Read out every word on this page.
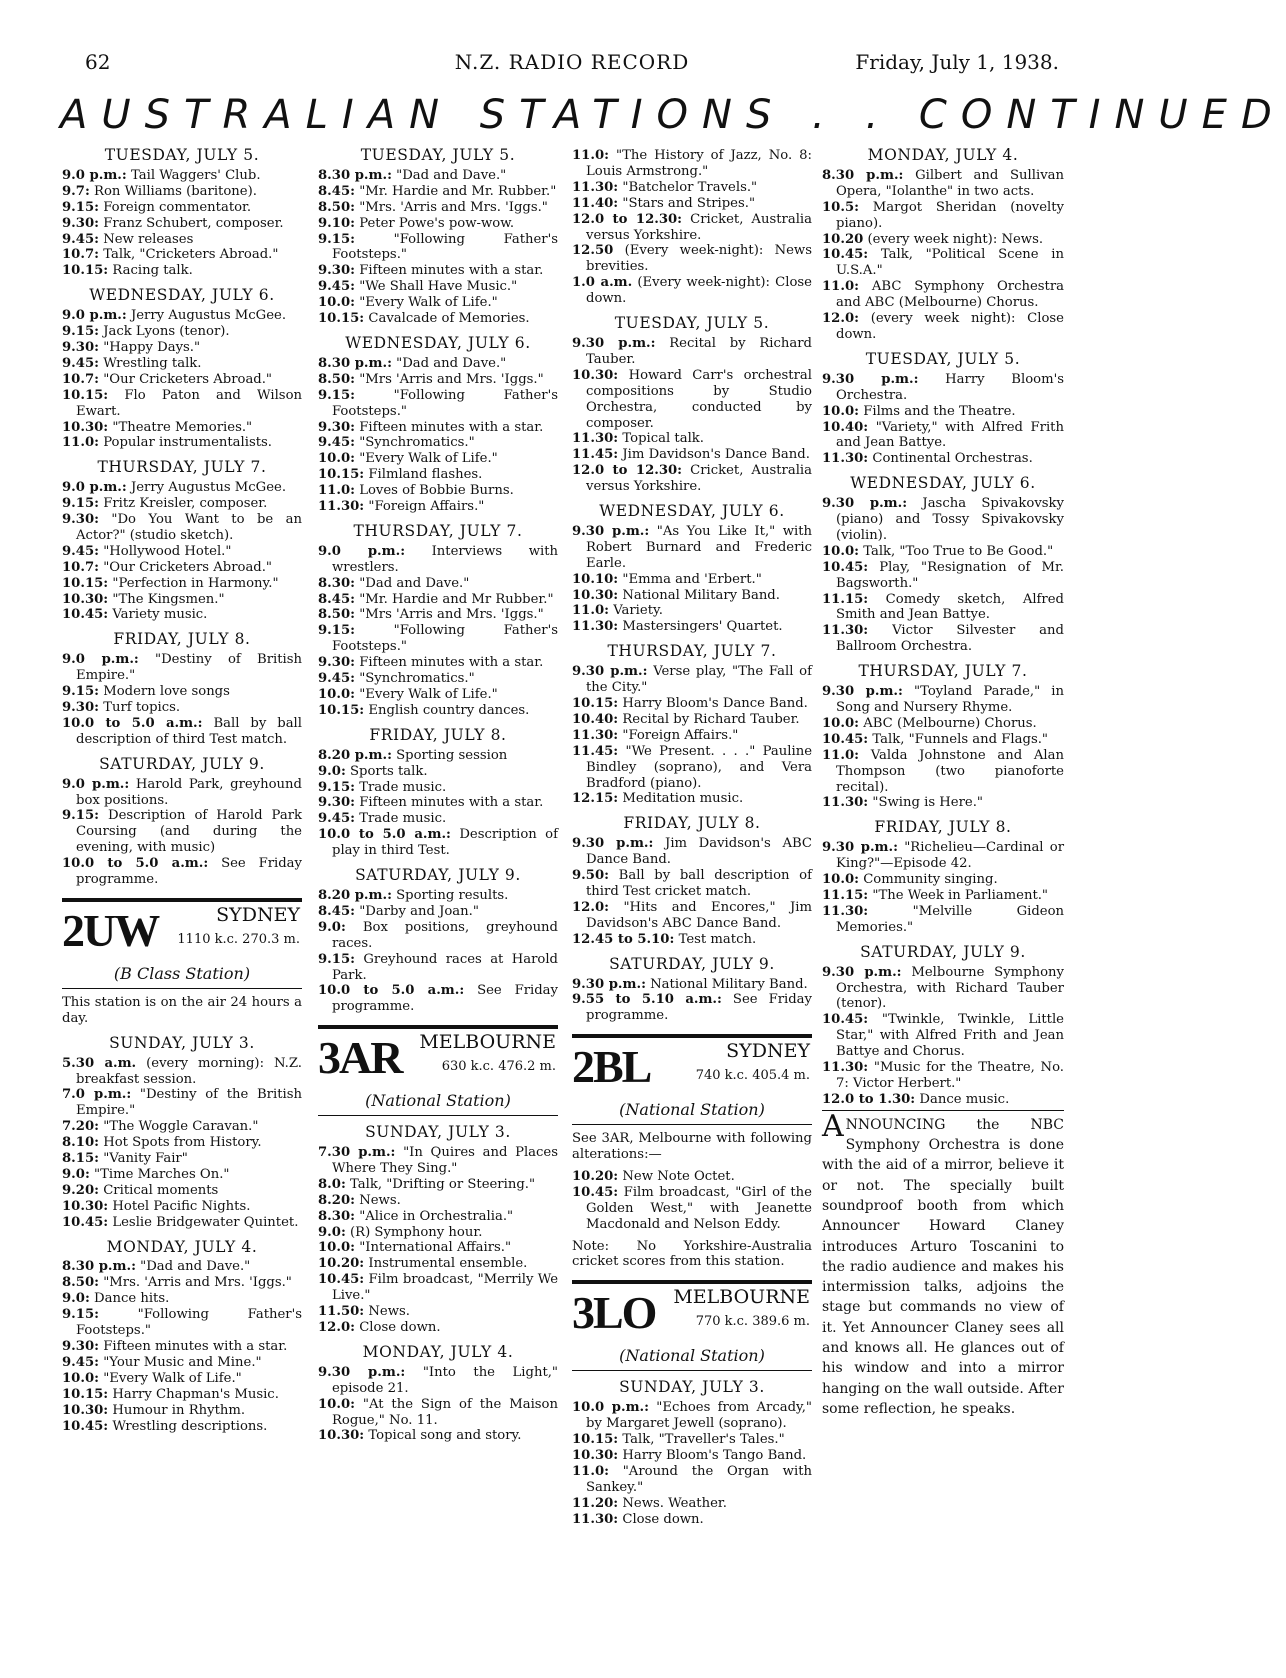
62	N.Z. RADIO RECORD	Friday, July 1, 1938.
AUSTRALIAN STATIONS . . CONTINUED
TUESDAY, JULY 5.
9.0 p.m.: Tail Waggers' Club.
9.7: Ron Williams (baritone).
9.15: Foreign commentator.
9.30: Franz Schubert, composer.
9.45: New releases
10.7: Talk, "Cricketers Abroad."
10.15: Racing talk.
WEDNESDAY, JULY 6.
9.0 p.m.: Jerry Augustus McGee.
9.15: Jack Lyons (tenor).
9.30: "Happy Days."
9.45: Wrestling talk.
10.7: "Our Cricketers Abroad."
10.15: Flo Paton and Wilson Ewart.
10.30: "Theatre Memories."
11.0: Popular instrumentalists.
THURSDAY, JULY 7.
9.0 p.m.: Jerry Augustus McGee.
9.15: Fritz Kreisler, composer.
9.30: "Do You Want to be an Actor?" (studio sketch).
9.45: "Hollywood Hotel."
10.7: "Our Cricketers Abroad."
10.15: "Perfection in Harmony."
10.30: "The Kingsmen."
10.45: Variety music.
FRIDAY, JULY 8.
9.0 p.m.: "Destiny of British Empire."
9.15: Modern love songs
9.30: Turf topics.
10.0 to 5.0 a.m.: Ball by ball description of third Test match.
SATURDAY, JULY 9.
9.0 p.m.: Harold Park, greyhound box positions.
9.15: Description of Harold Park Coursing (and during the evening, with music)
10.0 to 5.0 a.m.: See Friday programme.
2UW	SYDNEY
1110 k.c. 270.3 m.
(B Class Station)
This station is on the air 24 hours a day.
SUNDAY, JULY 3.
5.30 a.m. (every morning): N.Z. breakfast session.
7.0 p.m.: "Destiny of the British Empire."
7.20: "The Woggle Caravan."
8.10: Hot Spots from History.
8.15: "Vanity Fair"
9.0: "Time Marches On."
9.20: Critical moments
10.30: Hotel Pacific Nights.
10.45: Leslie Bridgewater Quintet.
MONDAY, JULY 4.
8.30 p.m.: "Dad and Dave."
8.50: "Mrs. 'Arris and Mrs. 'Iggs."
9.0: Dance hits.
9.15:	"Following Father's Footsteps."
9.30: Fifteen minutes with a star.
9.45: "Your Music and Mine."
10.0: "Every Walk of Life."
10.15: Harry Chapman's Music.
10.30: Humour in Rhythm.
10.45: Wrestling descriptions.
TUESDAY, JULY 5.
8.30 p.m.: "Dad and Dave."
8.45: "Mr. Hardie and Mr. Rubber."
8.50: "Mrs. 'Arris and Mrs. 'Iggs."
9.10: Peter Powe's pow-wow.
9.15:	"Following Father's Footsteps."
9.30: Fifteen minutes with a star.
9.45: "We Shall Have Music."
10.0: "Every Walk of Life."
10.15: Cavalcade of Memories.
WEDNESDAY, JULY 6.
8.30 p.m.: "Dad and Dave."
8.50: "Mrs 'Arris and Mrs. 'Iggs."
9.15:	"Following Father's Footsteps."
9.30: Fifteen minutes with a star.
9.45: "Synchromatics."
10.0: "Every Walk of Life."
10.15: Filmland flashes.
11.0: Loves of Bobbie Burns.
11.30: "Foreign Affairs."
THURSDAY, JULY 7.
9.0 p.m.: Interviews with wrestlers.
8.30: "Dad and Dave."
8.45: "Mr. Hardie and Mr Rubber."
8.50: "Mrs 'Arris and Mrs. 'Iggs."
9.15:	"Following Father's Footsteps."
9.30: Fifteen minutes with a star.
9.45: "Synchromatics."
10.0: "Every Walk of Life."
10.15: English country dances.
FRIDAY, JULY 8.
8.20 p.m.: Sporting session
9.0: Sports talk.
9.15: Trade music.
9.30: Fifteen minutes with a star.
9.45: Trade music.
10.0 to 5.0 a.m.: Description of play in third Test.
SATURDAY, JULY 9.
8.20 p.m.: Sporting results.
8.45: "Darby and Joan."
9.0: Box positions, greyhound races.
9.15: Greyhound races at Harold Park.
10.0 to 5.0 a.m.: See Friday programme.
3AR MELBOURNE
630 k.c. 476.2 m.
(National Station)
SUNDAY, JULY 3.
7.30 p.m.: "In Quires and Places Where They Sing."
8.0: Talk, "Drifting or Steering."
8.20: News.
8.30: "Alice in Orchestralia."
9.0: (R) Symphony hour.
10.0: "International Affairs."
10.20: Instrumental ensemble.
10.45: Film broadcast, "Merrily We Live."
11.50: News.
12.0: Close down.
MONDAY, JULY 4.
9.30 p.m.: "Into the Light," episode 21.
10.0: "At the Sign of the Maison Rogue," No. 11.
10.30: Topical song and story.
11.0: "The History of Jazz, No. 8: Louis Armstrong."
11.30: "Batchelor Travels."
11.40: "Stars and Stripes."
12.0 to 12.30: Cricket, Australia versus Yorkshire.
12.50 (Every week-night): News brevities.
1.0 a.m. (Every week-night): Close down.
TUESDAY, JULY 5.
9.30 p.m.: Recital by Richard Tauber.
10.30: Howard Carr's orchestral compositions by Studio Orchestra, conducted by composer.
11.30: Topical talk.
11.45: Jim Davidson's Dance Band.
12.0 to 12.30: Cricket, Australia versus Yorkshire.
WEDNESDAY, JULY 6.
9.30 p.m.: "As You Like It," with Robert Burnard and Frederic Earle.
10.10: "Emma and 'Erbert."
10.30: National Military Band.
11.0: Variety.
11.30: Mastersingers' Quartet.
THURSDAY, JULY 7.
9.30 p.m.: Verse play, "The Fall of the City."
10.15: Harry Bloom's Dance Band.
10.40: Recital by Richard Tauber.
11.30: "Foreign Affairs."
11.45: "We Present. . . ." Pauline Bindley (soprano), and Vera Bradford (piano).
12.15: Meditation music.
FRIDAY, JULY 8.
9.30 p.m.: Jim Davidson's ABC Dance Band.
9.50: Ball by ball description of third Test cricket match.
12.0: "Hits and Encores," Jim Davidson's ABC Dance Band.
12.45 to 5.10: Test match.
SATURDAY, JULY 9.
9.30 p.m.: National Military Band.
9.55 to 5.10 a.m.: See Friday programme.
2BL	SYDNEY
740 k.c. 405.4 m.
(National Station)
See 3AR, Melbourne with following alterations:—
10.20: New Note Octet.
10.45: Film broadcast, "Girl of the Golden West," with Jeanette Macdonald and Nelson Eddy.
Note: No Yorkshire-Australia cricket scores from this station.
3LO MELBOURNE
770 k.c. 389.6 m.
(National Station)
SUNDAY, JULY 3.
10.0 p.m.: "Echoes from Arcady," by Margaret Jewell (soprano).
10.15: Talk, "Traveller's Tales."
10.30: Harry Bloom's Tango Band.
11.0: "Around the Organ with Sankey."
11.20: News. Weather.
11.30: Close down.
MONDAY, JULY 4.
8.30 p.m.: Gilbert and Sullivan Opera, "Iolanthe" in two acts.
10.5: Margot Sheridan (novelty piano).
10.20 (every week night): News.
10.45: Talk, "Political Scene in U.S.A."
11.0: ABC Symphony Orchestra and ABC (Melbourne) Chorus.
12.0: (every week night): Close down.
TUESDAY, JULY 5.
9.30 p.m.: Harry Bloom's Orchestra.
10.0: Films and the Theatre.
10.40: "Variety," with Alfred Frith and Jean Battye.
11.30: Continental Orchestras.
WEDNESDAY, JULY 6.
9.30 p.m.: Jascha Spivakovsky (piano) and Tossy Spivakovsky (violin).
10.0: Talk, "Too True to Be Good."
10.45: Play, "Resignation of Mr. Bagsworth."
11.15: Comedy sketch, Alfred Smith and Jean Battye.
11.30: Victor Silvester and Ballroom Orchestra.
THURSDAY, JULY 7.
9.30 p.m.: "Toyland Parade," in Song and Nursery Rhyme.
10.0: ABC (Melbourne) Chorus.
10.45: Talk, "Funnels and Flags."
11.0: Valda Johnstone and Alan Thompson (two pianoforte recital).
11.30: "Swing is Here."
FRIDAY, JULY 8.
9.30 p.m.: "Richelieu—Cardinal or King?"—Episode 42.
10.0: Community singing.
11.15: "The Week in Parliament."
11.30:	"Melville Gideon Memories."
SATURDAY, JULY 9.
9.30 p.m.: Melbourne Symphony Orchestra, with Richard Tauber (tenor).
10.45: "Twinkle, Twinkle, Little Star," with Alfred Frith and Jean Battye and Chorus.
11.30: "Music for the Theatre, No. 7: Victor Herbert."
12.0 to 1.30: Dance music.
ANNOUNCING the NBC Symphony Orchestra is done with the aid of a mirror, believe it or not. The specially built soundproof booth from which Announcer Howard Claney introduces Arturo Toscanini to the radio audience and makes his intermission talks, adjoins the stage but commands no view of it. Yet Announcer Claney sees all and knows all. He glances out of his window and into a mirror hanging on the wall outside. After some reflection, he speaks.
